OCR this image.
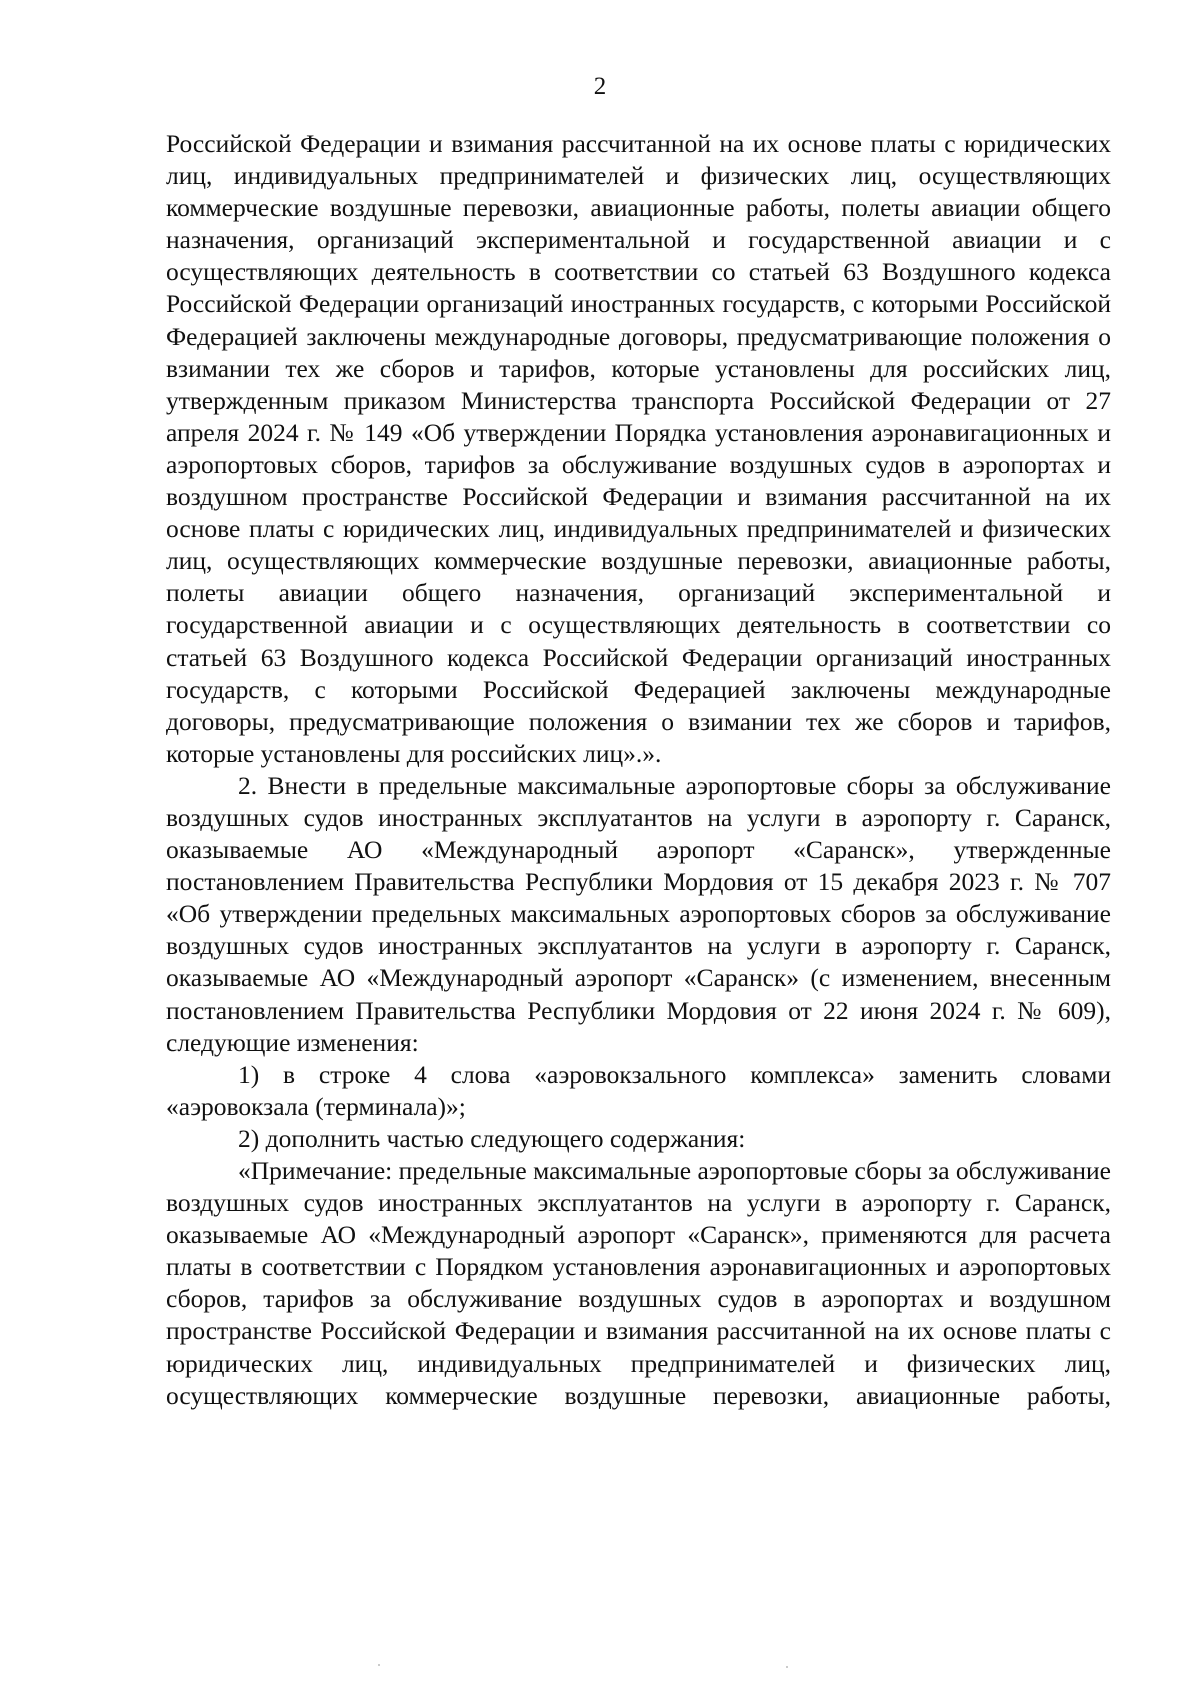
2

Российской Федерации и взимания рассчитанной на их основе платы с юридических лиц, индивидуальных предпринимателей и физических лиц, осуществляющих коммерческие воздушные перевозки, авиационные работы, полеты авиации общего назначения, организаций экспериментальной и государственной авиации и с осуществляющих деятельность в соответствии со статьей 63 Воздушного кодекса Российской Федерации организаций иностранных государств, с которыми Российской Федерацией заключены международные договоры, предусматривающие положения о взимании тех же сборов и тарифов, которые установлены для российских лиц, утвержденным приказом Министерства транспорта Российской Федерации от 27 апреля 2024 г. № 149 «Об утверждении Порядка установления аэронавигационных и аэропортовых сборов, тарифов за обслуживание воздушных судов в аэропортах и воздушном пространстве Российской Федерации и взимания рассчитанной на их основе платы с юридических лиц, индивидуальных предпринимателей и физических лиц, осуществляющих коммерческие воздушные перевозки, авиационные работы, полеты авиации общего назначения, организаций экспериментальной и государственной авиации и с осуществляющих деятельность в соответствии со статьей 63 Воздушного кодекса Российской Федерации организаций иностранных государств, с которыми Российской Федерацией заключены международные договоры, предусматривающие положения о взимании тех же сборов и тарифов, которые установлены для российских лиц».».

2. Внести в предельные максимальные аэропортовые сборы за обслуживание воздушных судов иностранных эксплуатантов на услуги в аэропорту г. Саранск, оказываемые АО «Международный аэропорт «Саранск», утвержденные постановлением Правительства Республики Мордовия от 15 декабря 2023 г. № 707 «Об утверждении предельных максимальных аэропортовых сборов за обслуживание воздушных судов иностранных эксплуатантов на услуги в аэропорту г. Саранск, оказываемые АО «Международный аэропорт «Саранск» (с изменением, внесенным постановлением Правительства Республики Мордовия от 22 июня 2024 г. № 609), следующие изменения:

1) в строке 4 слова «аэровокзального комплекса» заменить словами «аэровокзала (терминала)»;

2) дополнить частью следующего содержания:

«Примечание: предельные максимальные аэропортовые сборы за обслуживание воздушных судов иностранных эксплуатантов на услуги в аэропорту г. Саранск, оказываемые АО «Международный аэропорт «Саранск», применяются для расчета платы в соответствии с Порядком установления аэронавигационных и аэропортовых сборов, тарифов за обслуживание воздушных судов в аэропортах и воздушном пространстве Российской Федерации и взимания рассчитанной на их основе платы с юридических лиц, индивидуальных предпринимателей и физических лиц, осуществляющих коммерческие воздушные перевозки, авиационные работы,
